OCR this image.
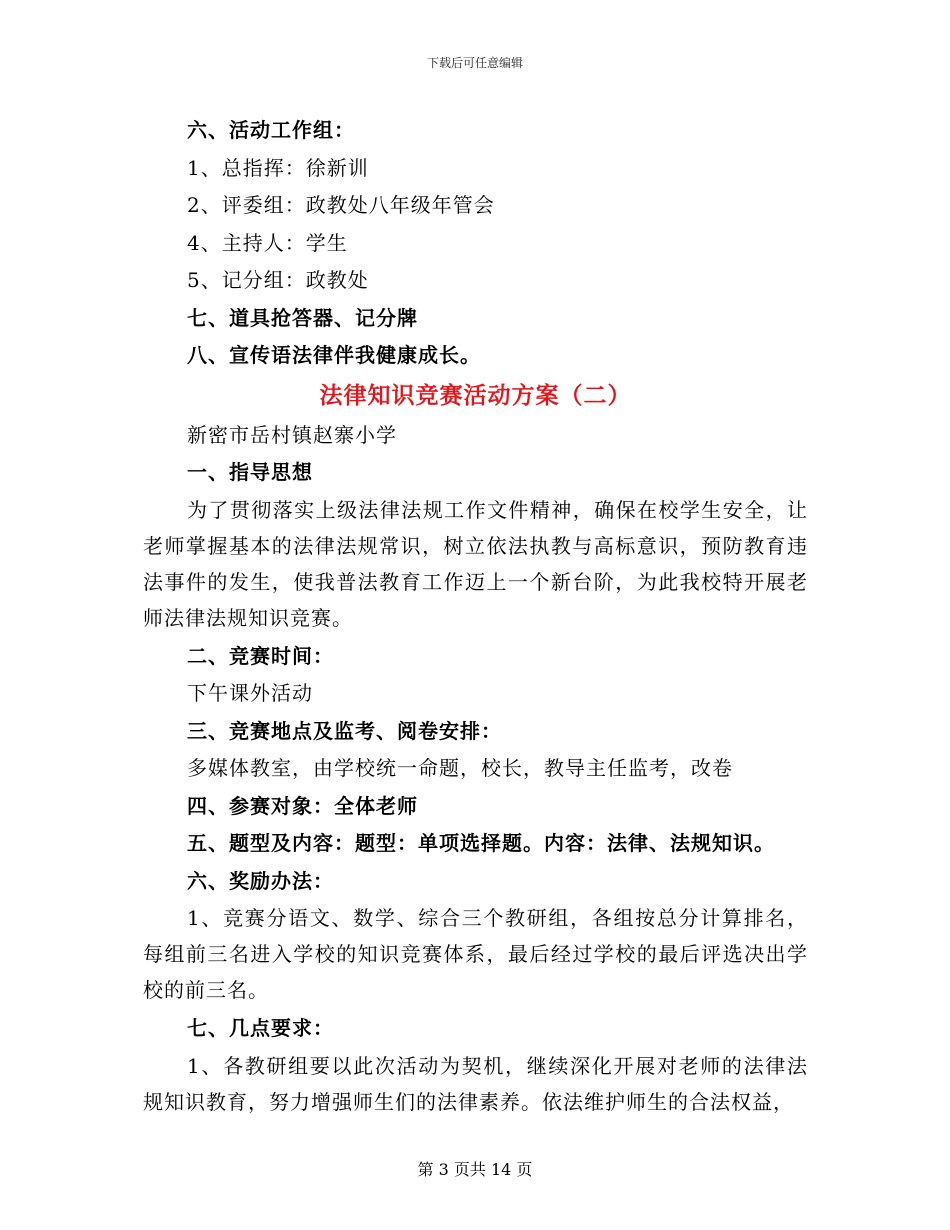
下载后可任意编辑
六、活动工作组：
1、总指挥：徐新训
2、评委组：政教处八年级年管会
4、主持人：学生
5、记分组：政教处
七、道具抢答器、记分牌
八、宣传语法律伴我健康成长。
法律知识竞赛活动方案（二）
新密市岳村镇赵寨小学
一、指导思想
为了贯彻落实上级法律法规工作文件精神，确保在校学生安全，让老师掌握基本的法律法规常识，树立依法执教与高标意识，预防教育违法事件的发生，使我普法教育工作迈上一个新台阶，为此我校特开展老师法律法规知识竞赛。
二、竞赛时间：
下午课外活动
三、竞赛地点及监考、阅卷安排：
多媒体教室，由学校统一命题，校长，教导主任监考，改卷
四、参赛对象：全体老师
五、题型及内容：题型：单项选择题。内容：法律、法规知识。
六、奖励办法：
1、竞赛分语文、数学、综合三个教研组，各组按总分计算排名，每组前三名进入学校的知识竞赛体系，最后经过学校的最后评选决出学校的前三名。
七、几点要求：
1、各教研组要以此次活动为契机，继续深化开展对老师的法律法规知识教育，努力增强师生们的法律素养。依法维护师生的合法权益，
第 3 页共 14 页
